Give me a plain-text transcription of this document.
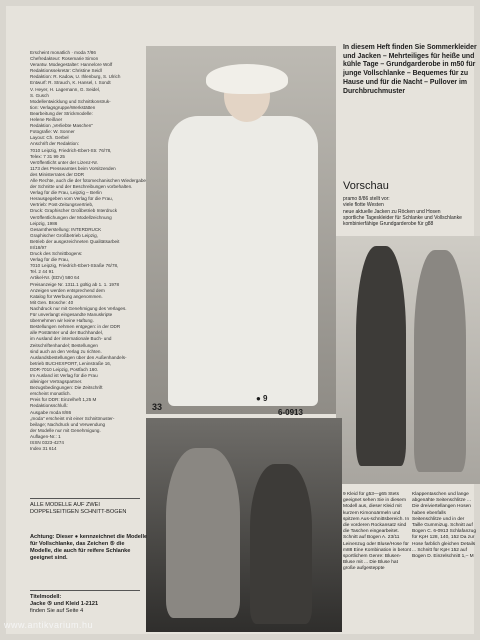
Erscheint monatlich · moda 7/86

Chefredakteur: Rosemarie Simon

Verantw. Modegestalter: Hannelore Wolf

Redaktionssekretär: Christine Seidl

Redaktion: R. Kadow, U. Ihlenburg, S. Ulrich

Entwurf: R. Strauch, K. Hansel, I. Sondt

V. Heyer, H. Lagemann, G. Seidel,

S. Gusch

Modellentwicklung und Schnittkonstruk-

tion: Verlagsgruppe/Werkstätten

Bearbeitung der Strickmodelle:

Helene Reißner

Redaktion „Verliebte Maschen"

Fotografie: W. Sonner

Layout: Ch. Gerbel

Anschrift der Redaktion:

7010 Leipzig, Friedrich-Ebert-Str. 76/78,

Telex: 7 31 99 25

Veröffentlicht unter der Lizenz-Nr.

1173 des Presseamtes beim Vorsitzenden

des Ministerrates der DDR

Alle Rechte, auch die der fotomechanischen Wiedergabe

der Schnitte und der Beschreibungen vorbehalten.

Verlag für die Frau, Leipzig – Berlin

Herausgegeben vom Verlag für die Frau,

Vertrieb: Post-Zeitungsvertrieb,

Druck: Graphischer Großbetrieb Interdruck

Veröffentlichungen der Modellzeichnung

Leipzig, 1986

Gesamtherstellung: INTERDRUCK

Graphischer Großbetrieb Leipzig,

Betrieb der ausgezeichneten Qualitätsarbeit

III/18/97

Druck des Schnittbogens:

Verlag für die Frau,

7010 Leipzig, Friedrich-Ebert-Straße 76/78,

Tel. 2 44 91

Artikel-Nr. (EDV) 580 64

Preisanzeige Nr. 1311.1 gültig ab 1. 1. 1978

Anzeigen werden entsprechend dem

Katalog für Werbung angenommen.

Mit Gen. Brosche: 40

Nachdruck nur mit Genehmigung des Verlages.

Für unverlangt eingesandte Manuskripte

übernehmen wir keine Haftung.

Bestellungen nehmen entgegen: in der DDR

alle Postämter und der Buchhandel,

im Ausland der internationale Buch- und

Zeitschriftenhandel; Bestellungen

sind auch an den Verlag zu richten.

Auslandsbestellungen über den Außenhandels-

betrieb BUCHEXPORT, Leninstraße 16,

DDR-7010 Leipzig, Postfach 160.

Im Ausland ist Verlag für die Frau

alleiniger Vertragspartner.

Bezugsbedingungen: Die Zeitschrift

erscheint monatlich.

Preis für DDR: Einzelheft 1,25 M

Redaktionsschluß:

Ausgabe moda 8/86

„moda" erscheint mit einer Schnittmuster-

beilage; Nachdruck und Verwendung

der Modelle nur mit Genehmigung.

Auflagen-Nr.: 1

ISSN 0323-4274

Index 31 614

33
● 9
6-0913
In diesem Heft finden Sie Sommerkleider und Jacken – Mehrteiliges für heiße und kühle Tage – Grundgarderobe in m50 für junge Vollschlanke – Bequemes für zu Hause und für die Nacht – Pullover im Durchbruchmuster
Vorschau

pramo 8/86 stellt vor:

viele flotte Westen

neue aktuelle Jacken zu Röcken und Hosen

sportliche Tageskleider für Schlanke und Vollschlanke

kombinierfähige Grundgarderobe für g88

9 Kleid für g53—g65 Stets geeignet sehen Sie in diesem Modell aus, dieser Kleid mit kurzem Kimonoärmeln und spitzem Aus-schnittsbereich. In die vorderen Rockansatz sind die Taschen eingearbeitet. Schnitt auf Bogen A. 23/11 Leinenzug oder Bluse/Hose für m88 Eine Kombination in betont sportlichem Genre: Blusen-Bluse mit ... Die Bluse hat große aufgesteppte
Klappentaschen und lange abgenähte Seitenschlitze ... Die dreiviertellangen Hosen haben ebenfalls Seitenschlitze und in der Taille Gummizug. Schnitt auf Bogen C. 6-0913 Schlafanzug für KpH 128, 140, 152 Da zur Hose farblich gleichen Details ... Schnitt für KpH 152 auf Bogen D. Einzelschnitt 1,– M
ALLE MODELLE AUF ZWEI DOPPELSEITIGEN SCHNITT-BOGEN
Achtung: Dieser ● kennzeichnet die Modelle für Vollschlanke, das Zeichen ⑤ die Modelle, die auch für reifere Schlanke geeignet sind.
Titelmodell:
Jacke ⑤ und Kleid 1-2121
finden Sie auf Seite 4
www.antikvarium.hu
